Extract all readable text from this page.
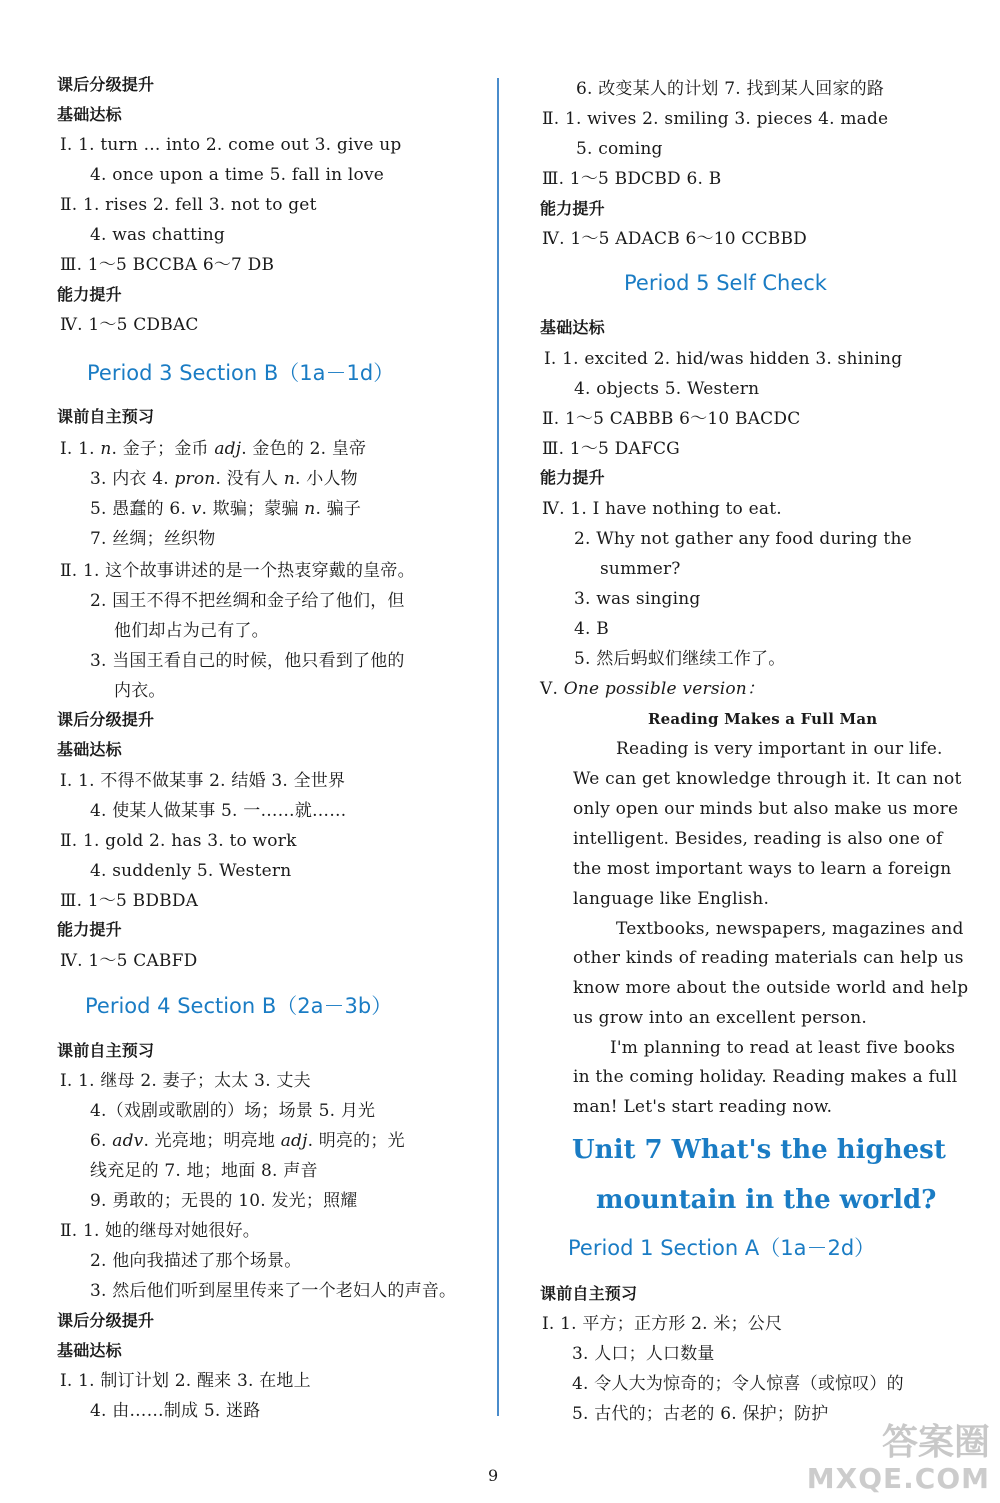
课后分级提升
基础达标
Ⅰ. 1. turn ... into 2. come out 3. give up
4. once upon a time 5. fall in love
Ⅱ. 1. rises 2. fell 3. not to get
4. was chatting
Ⅲ. 1～5 BCCBA 6～7 DB
能力提升
Ⅳ. 1～5 CDBAC
Period 3 Section B（1a－1d）
课前自主预习
Ⅰ. 1. n. 金子；金币 adj. 金色的 2. 皇帝
3. 内衣 4. pron. 没有人 n. 小人物
5. 愚蠢的 6. v. 欺骗；蒙骗 n. 骗子
7. 丝绸；丝织物
Ⅱ. 1. 这个故事讲述的是一个热衷穿戴的皇帝。
2. 国王不得不把丝绸和金子给了他们，但
他们却占为己有了。
3. 当国王看自己的时候，他只看到了他的
内衣。
课后分级提升
基础达标
Ⅰ. 1. 不得不做某事 2. 结婚 3. 全世界
4. 使某人做某事 5. 一……就……
Ⅱ. 1. gold 2. has 3. to work
4. suddenly 5. Western
Ⅲ. 1～5 BDBDA
能力提升
Ⅳ. 1～5 CABFD
Period 4 Section B（2a－3b）
课前自主预习
Ⅰ. 1. 继母 2. 妻子；太太 3. 丈夫
4.（戏剧或歌剧的）场；场景 5. 月光
6. adv. 光亮地；明亮地 adj. 明亮的；光
线充足的 7. 地；地面 8. 声音
9. 勇敢的；无畏的 10. 发光；照耀
Ⅱ. 1. 她的继母对她很好。
2. 他向我描述了那个场景。
3. 然后他们听到屋里传来了一个老妇人的声音。
课后分级提升
基础达标
Ⅰ. 1. 制订计划 2. 醒来 3. 在地上
4. 由……制成 5. 迷路
6. 改变某人的计划 7. 找到某人回家的路
Ⅱ. 1. wives 2. smiling 3. pieces 4. made
5. coming
Ⅲ. 1～5 BDCBD 6. B
能力提升
Ⅳ. 1～5 ADACB 6～10 CCBBD
Period 5 Self Check
基础达标
Ⅰ. 1. excited 2. hid/was hidden 3. shining
4. objects 5. Western
Ⅱ. 1～5 CABBB 6～10 BACDC
Ⅲ. 1～5 DAFCG
能力提升
Ⅳ. 1. I have nothing to eat.
2. Why not gather any food during the
summer?
3. was singing
4. B
5. 然后蚂蚁们继续工作了。
Ⅴ. One possible version：
Reading Makes a Full Man
Reading is very important in our life.
We can get knowledge through it. It can not
only open our minds but also make us more
intelligent. Besides, reading is also one of
the most important ways to learn a foreign
language like English.
Textbooks, newspapers, magazines and
other kinds of reading materials can help us
know more about the outside world and help
us grow into an excellent person.
I'm planning to read at least five books
in the coming holiday. Reading makes a full
man! Let's start reading now.
Unit 7 What's the highest
mountain in the world?
Period 1 Section A（1a－2d）
课前自主预习
Ⅰ. 1. 平方；正方形 2. 米；公尺
3. 人口；人口数量
4. 令人大为惊奇的；令人惊喜（或惊叹）的
5. 古代的；古老的 6. 保护；防护
9
答案圈
MXQE.COM
